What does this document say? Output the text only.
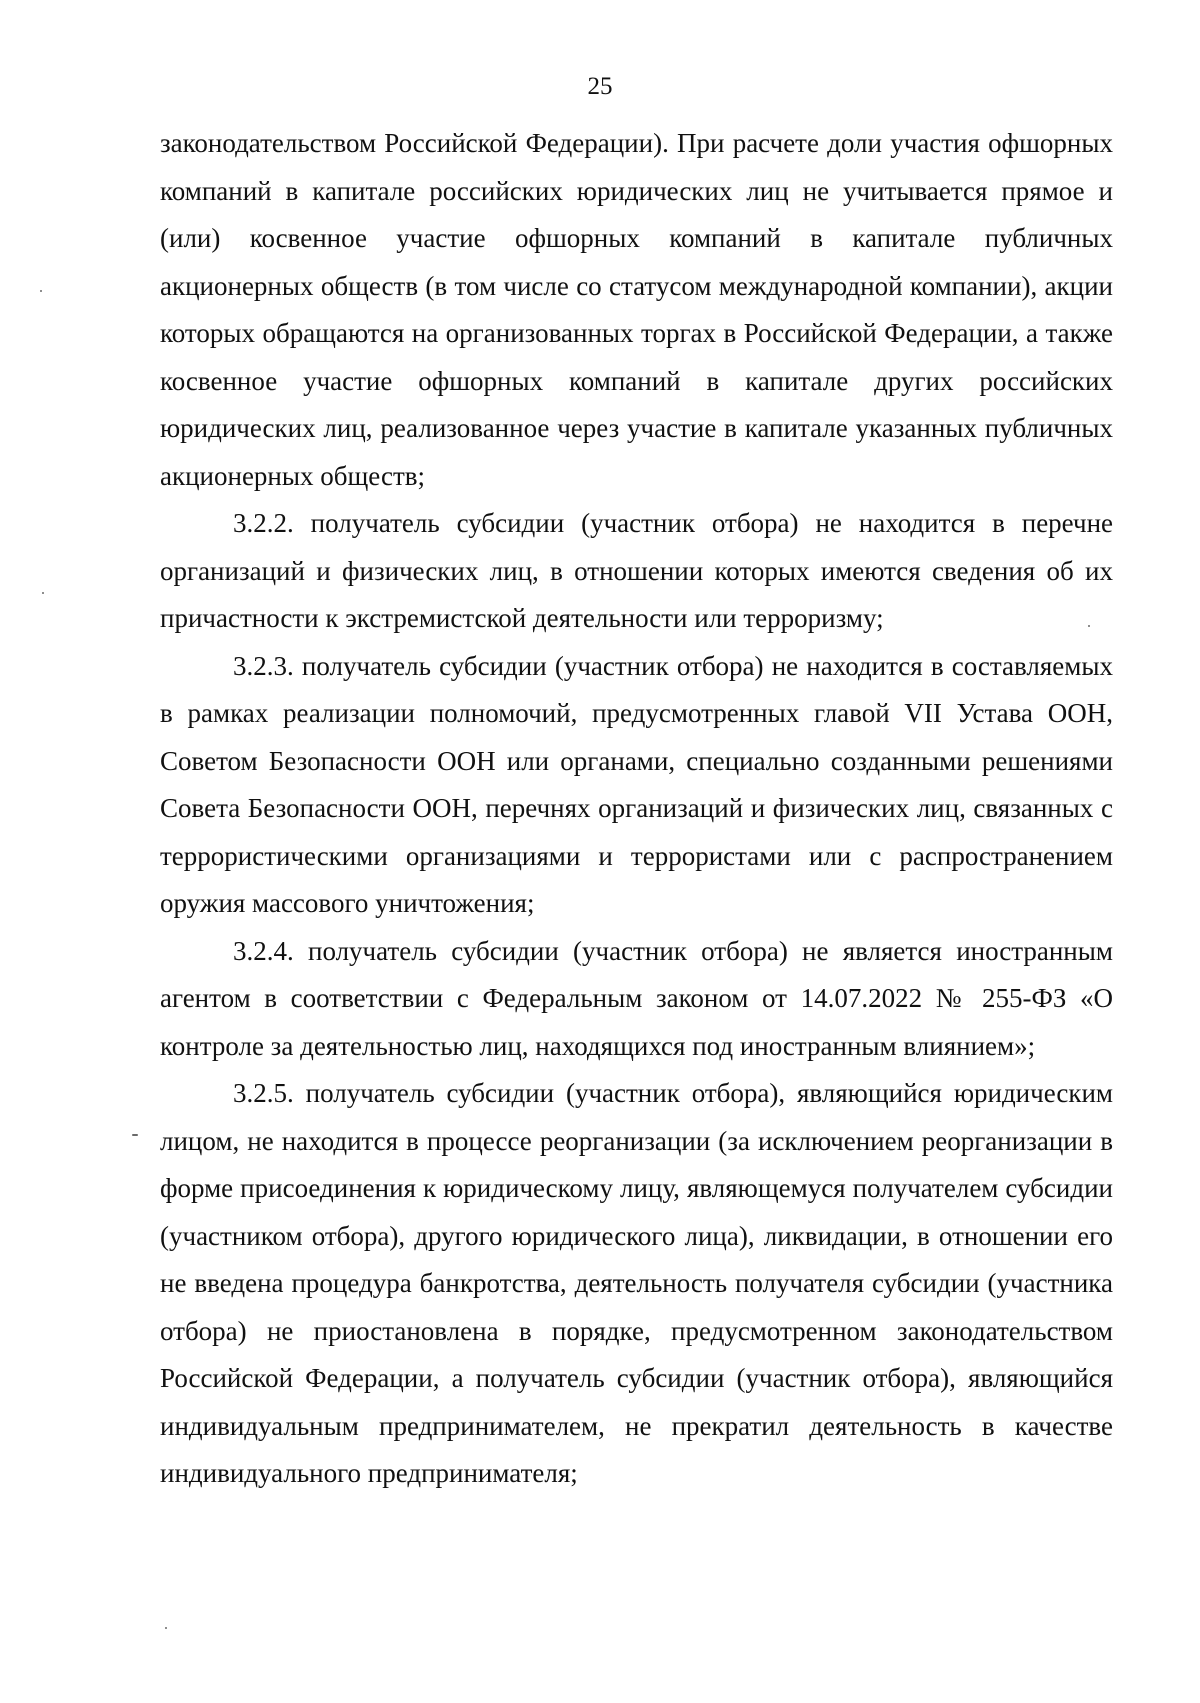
25

законодательством Российской Федерации). При расчете доли участия офшорных компаний в капитале российских юридических лиц не учитывается прямое и (или) косвенное участие офшорных компаний в капитале публичных акционерных обществ (в том числе со статусом международной компании), акции которых обращаются на организованных торгах в Российской Федерации, а также косвенное участие офшорных компаний в капитале других российских юридических лиц, реализованное через участие в капитале указанных публичных акционерных обществ;

3.2.2. получатель субсидии (участник отбора) не находится в перечне организаций и физических лиц, в отношении которых имеются сведения об их причастности к экстремистской деятельности или терроризму;

3.2.3. получатель субсидии (участник отбора) не находится в составляемых в рамках реализации полномочий, предусмотренных главой VII Устава ООН, Советом Безопасности ООН или органами, специально созданными решениями Совета Безопасности ООН, перечнях организаций и физических лиц, связанных с террористическими организациями и террористами или с распространением оружия массового уничтожения;

3.2.4. получатель субсидии (участник отбора) не является иностранным агентом в соответствии с Федеральным законом от 14.07.2022 № 255-ФЗ «О контроле за деятельностью лиц, находящихся под иностранным влиянием»;

3.2.5. получатель субсидии (участник отбора), являющийся юридическим лицом, не находится в процессе реорганизации (за исключением реорганизации в форме присоединения к юридическому лицу, являющемуся получателем субсидии (участником отбора), другого юридического лица), ликвидации, в отношении его не введена процедура банкротства, деятельность получателя субсидии (участника отбора) не приостановлена в порядке, предусмотренном законодательством Российской Федерации, а получатель субсидии (участник отбора), являющийся индивидуальным предпринимателем, не прекратил деятельность в качестве индивидуального предпринимателя;
